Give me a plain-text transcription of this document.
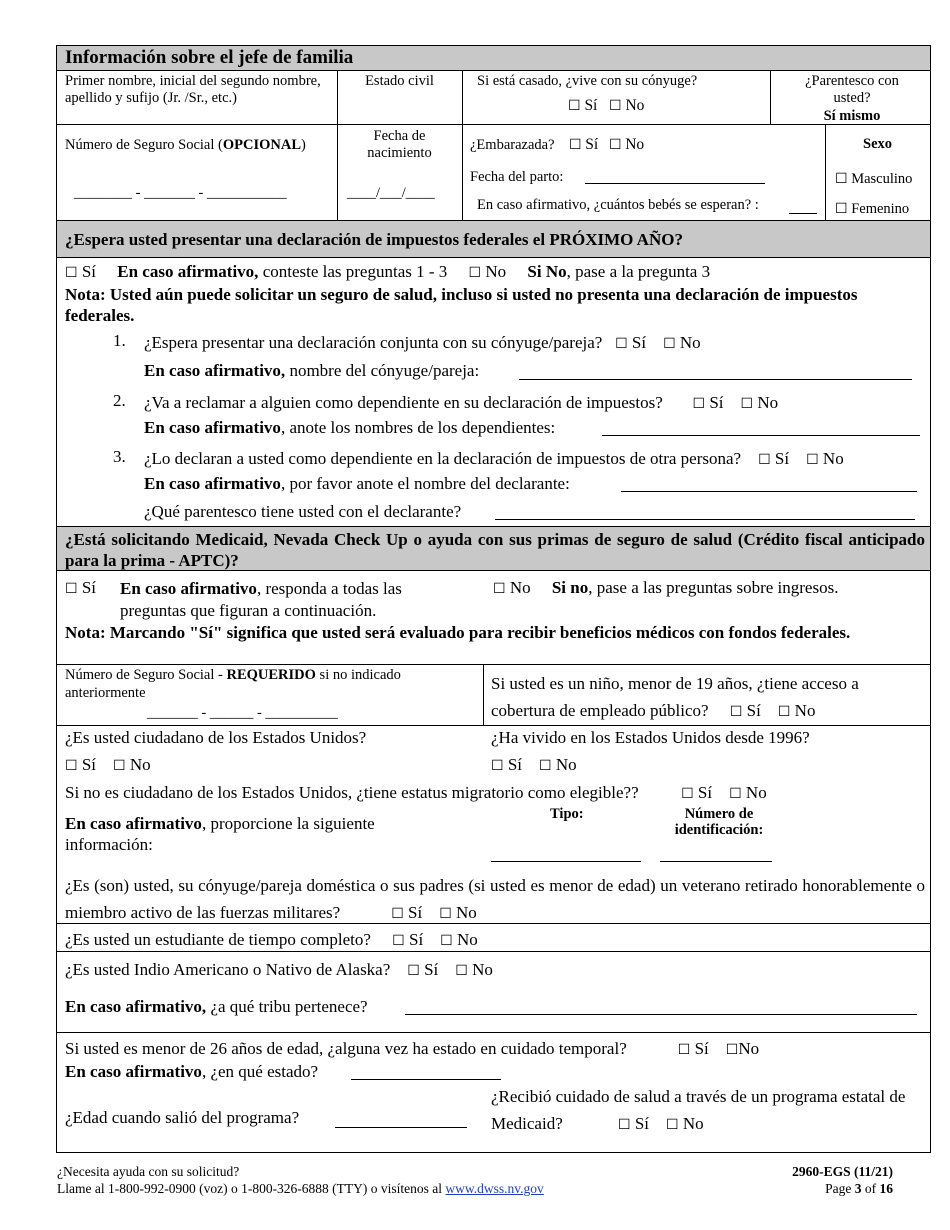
Información sobre el jefe de familia
Primer nombre, inicial del segundo nombre, apellido y sufijo (Jr. /Sr., etc.)
Estado civil	Si está casado, ¿vive con su cónyuge?
☐ Sí ☐ No
¿Parentesco con usted?
Sí mismo
Número de Seguro Social (OPCIONAL)
________ - _______ - ___________
Fecha de nacimiento
____/___/____
¿Embarazada? ☐ Sí ☐ No
Fecha del parto:
En caso afirmativo, ¿cuántos bebés se esperan? :
Sexo
☐ Masculino
☐ Femenino
¿Espera usted presentar una declaración de impuestos federales el PRÓXIMO AÑO?
☐ Sí En caso afirmativo, conteste las preguntas 1 - 3 ☐ No Si No, pase a la pregunta 3
Nota: Usted aún puede solicitar un seguro de salud, incluso si usted no presenta una declaración de impuestos federales.
1. ¿Espera presentar una declaración conjunta con su cónyuge/pareja? ☐ Sí ☐ No
En caso afirmativo, nombre del cónyuge/pareja:
2. ¿Va a reclamar a alguien como dependiente en su declaración de impuestos? ☐ Sí ☐ No
En caso afirmativo, anote los nombres de los dependientes:
3. ¿Lo declaran a usted como dependiente en la declaración de impuestos de otra persona? ☐ Sí ☐ No
En caso afirmativo, por favor anote el nombre del declarante:
¿Qué parentesco tiene usted con el declarante?
¿Está solicitando Medicaid, Nevada Check Up o ayuda con sus primas de seguro de salud (Crédito fiscal anticipado para la prima - APTC)?
☐ Sí En caso afirmativo, responda a todas las preguntas que figuran a continuación.
☐ No Si no, pase a las preguntas sobre ingresos.
Nota: Marcando "Sí" significa que usted será evaluado para recibir beneficios médicos con fondos federales.
Número de Seguro Social - REQUERIDO si no indicado anteriormente
_______ - ______ - __________
Si usted es un niño, menor de 19 años, ¿tiene acceso a cobertura de empleado público? ☐ Sí ☐ No
¿Es usted ciudadano de los Estados Unidos?
☐ Sí ☐ No
¿Ha vivido en los Estados Unidos desde 1996?
☐ Sí ☐ No
Si no es ciudadano de los Estados Unidos, ¿tiene estatus migratorio como elegible??	☐ Sí ☐ No
En caso afirmativo, proporcione la siguiente información:
Tipo:	Número de identificación:
¿Es (son) usted, su cónyuge/pareja doméstica o sus padres (si usted es menor de edad) un veterano retirado honorablemente o miembro activo de las fuerzas militares?	☐ Sí ☐ No
¿Es usted un estudiante de tiempo completo? ☐ Sí ☐ No
¿Es usted Indio Americano o Nativo de Alaska? ☐ Sí ☐ No
En caso afirmativo, ¿a qué tribu pertenece?
Si usted es menor de 26 años de edad, ¿alguna vez ha estado en cuidado temporal?	☐ Sí ☐No
En caso afirmativo, ¿en qué estado?
¿Recibió cuidado de salud a través de un programa estatal de Medicaid?	☐ Sí ☐ No
¿Edad cuando salió del programa?
¿Necesita ayuda con su solicitud?
Llame al 1-800-992-0900 (voz) o 1-800-326-6888 (TTY) o visítenos al www.dwss.nv.gov
2960-EGS (11/21)
Page 3 of 16
